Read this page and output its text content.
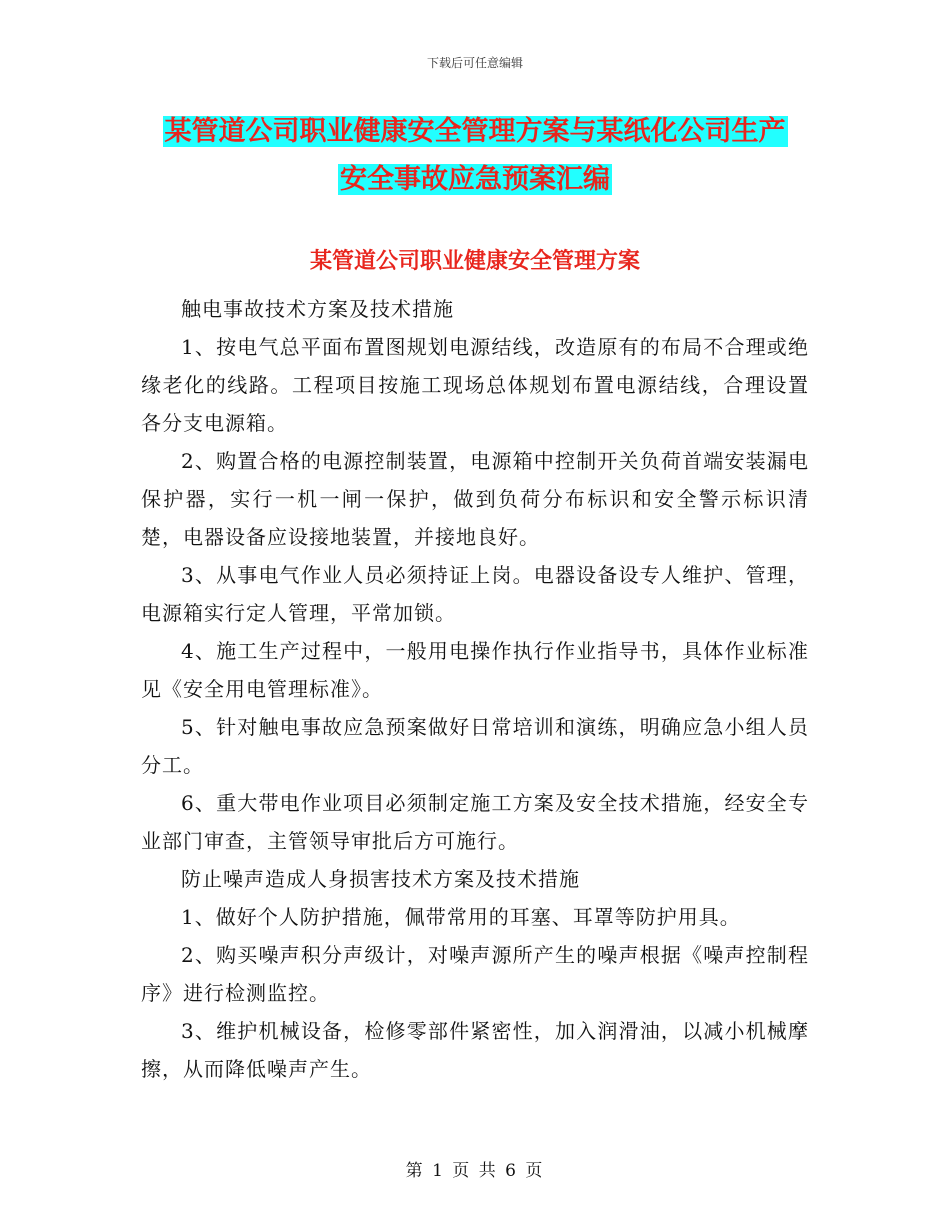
下载后可任意编辑
某管道公司职业健康安全管理方案与某纸化公司生产
安全事故应急预案汇编
某管道公司职业健康安全管理方案

触电事故技术方案及技术措施

1、按电气总平面布置图规划电源结线，改造原有的布局不合理或绝缘老化的线路。工程项目按施工现场总体规划布置电源结线，合理设置各分支电源箱。

2、购置合格的电源控制装置，电源箱中控制开关负荷首端安装漏电保护器，实行一机一闸一保护，做到负荷分布标识和安全警示标识清楚，电器设备应设接地装置，并接地良好。

3、从事电气作业人员必须持证上岗。电器设备设专人维护、管理，电源箱实行定人管理，平常加锁。

4、施工生产过程中，一般用电操作执行作业指导书，具体作业标准见《安全用电管理标准》。

5、针对触电事故应急预案做好日常培训和演练，明确应急小组人员分工。

6、重大带电作业项目必须制定施工方案及安全技术措施，经安全专业部门审查，主管领导审批后方可施行。

防止噪声造成人身损害技术方案及技术措施

1、做好个人防护措施，佩带常用的耳塞、耳罩等防护用具。

2、购买噪声积分声级计，对噪声源所产生的噪声根据《噪声控制程序》进行检测监控。

3、维护机械设备，检修零部件紧密性，加入润滑油，以减小机械摩擦，从而降低噪声产生。

第 1 页 共 6 页
